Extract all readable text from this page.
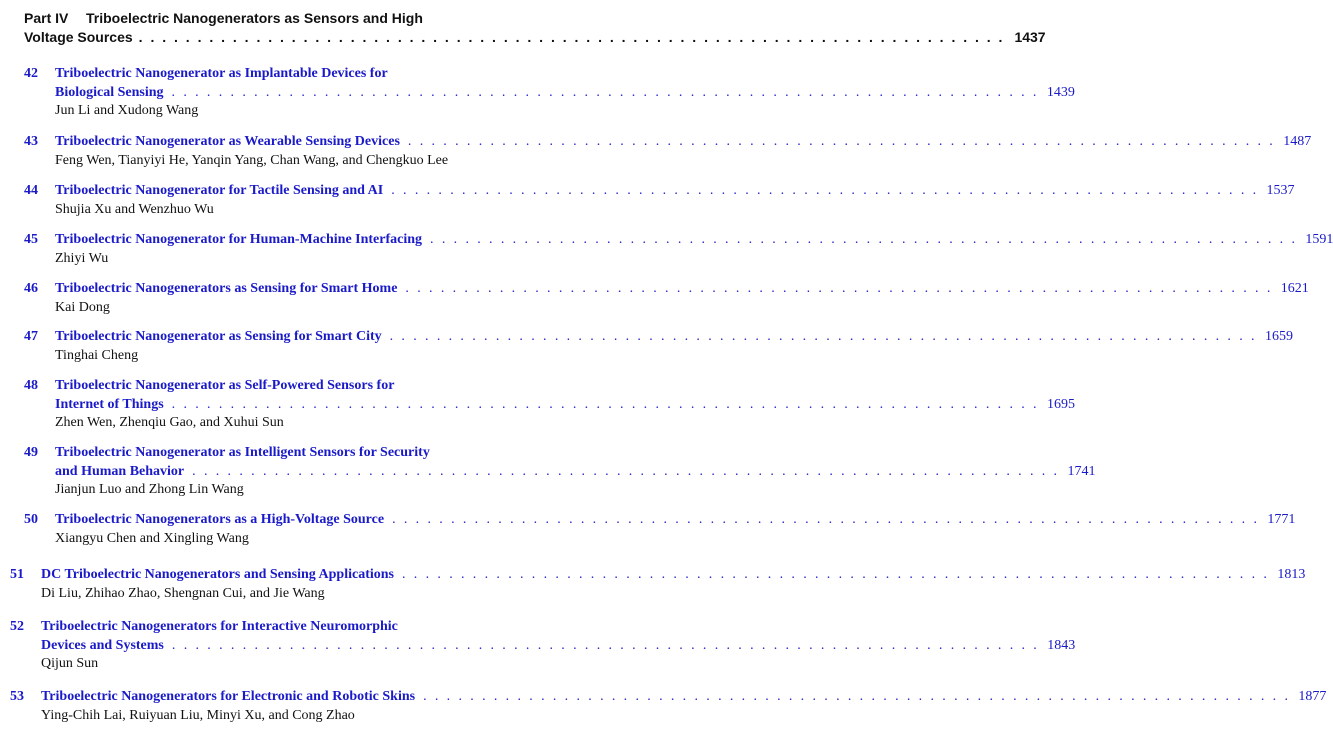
Part IV	Triboelectric Nanogenerators as Sensors and High
Voltage Sources . . . . . . . . . . . . . . . . . . . . . . . . . . . . . . . . . . . . . . . . . . . . . . . . . . . . . . . . . . . . . . . . . . . . . . . . . . 1437
42	Triboelectric Nanogenerator as Implantable Devices for
Biological Sensing . . . . . . . . . . . . . . . . . . . . . . . . . . . . . . . . . . . . . . . . . . . . . . . . . . . . . . . . . . . . . . . . . . . . . . . . . . 1439
Jun Li and Xudong Wang
43	Triboelectric Nanogenerator as Wearable Sensing Devices . . . . . . . . . . . . . . . . . . . . . . . . . . . . . . . . . . . . . . . . . . . . . . . . . . . . . . . . . . . . . . . . . . . . . . . . . . 1487
Feng Wen, Tianyiyi He, Yanqin Yang, Chan Wang, and Chengkuo Lee
44	Triboelectric Nanogenerator for Tactile Sensing and AI . . . . . . . . . . . . . . . . . . . . . . . . . . . . . . . . . . . . . . . . . . . . . . . . . . . . . . . . . . . . . . . . . . . . . . . . . . 1537
Shujia Xu and Wenzhuo Wu
45	Triboelectric Nanogenerator for Human-Machine Interfacing . . . . . . . . . . . . . . . . . . . . . . . . . . . . . . . . . . . . . . . . . . . . . . . . . . . . . . . . . . . . . . . . . . . . . . . . . . 1591
Zhiyi Wu
46	Triboelectric Nanogenerators as Sensing for Smart Home . . . . . . . . . . . . . . . . . . . . . . . . . . . . . . . . . . . . . . . . . . . . . . . . . . . . . . . . . . . . . . . . . . . . . . . . . . 1621
Kai Dong
47	Triboelectric Nanogenerator as Sensing for Smart City . . . . . . . . . . . . . . . . . . . . . . . . . . . . . . . . . . . . . . . . . . . . . . . . . . . . . . . . . . . . . . . . . . . . . . . . . . 1659
Tinghai Cheng
48	Triboelectric Nanogenerator as Self-Powered Sensors for
Internet of Things . . . . . . . . . . . . . . . . . . . . . . . . . . . . . . . . . . . . . . . . . . . . . . . . . . . . . . . . . . . . . . . . . . . . . . . . . . 1695
Zhen Wen, Zhenqiu Gao, and Xuhui Sun
49	Triboelectric Nanogenerator as Intelligent Sensors for Security
and Human Behavior . . . . . . . . . . . . . . . . . . . . . . . . . . . . . . . . . . . . . . . . . . . . . . . . . . . . . . . . . . . . . . . . . . . . . . . . . . 1741
Jianjun Luo and Zhong Lin Wang
50	Triboelectric Nanogenerators as a High-Voltage Source . . . . . . . . . . . . . . . . . . . . . . . . . . . . . . . . . . . . . . . . . . . . . . . . . . . . . . . . . . . . . . . . . . . . . . . . . . 1771
Xiangyu Chen and Xingling Wang
51	DC Triboelectric Nanogenerators and Sensing Applications . . . . . . . . . . . . . . . . . . . . . . . . . . . . . . . . . . . . . . . . . . . . . . . . . . . . . . . . . . . . . . . . . . . . . . . . . . 1813
Di Liu, Zhihao Zhao, Shengnan Cui, and Jie Wang
52	Triboelectric Nanogenerators for Interactive Neuromorphic
Devices and Systems . . . . . . . . . . . . . . . . . . . . . . . . . . . . . . . . . . . . . . . . . . . . . . . . . . . . . . . . . . . . . . . . . . . . . . . . . . 1843
Qijun Sun
53	Triboelectric Nanogenerators for Electronic and Robotic Skins . . . . . . . . . . . . . . . . . . . . . . . . . . . . . . . . . . . . . . . . . . . . . . . . . . . . . . . . . . . . . . . . . . . . . . . . . . 1877
Ying-Chih Lai, Ruiyuan Liu, Minyi Xu, and Cong Zhao
